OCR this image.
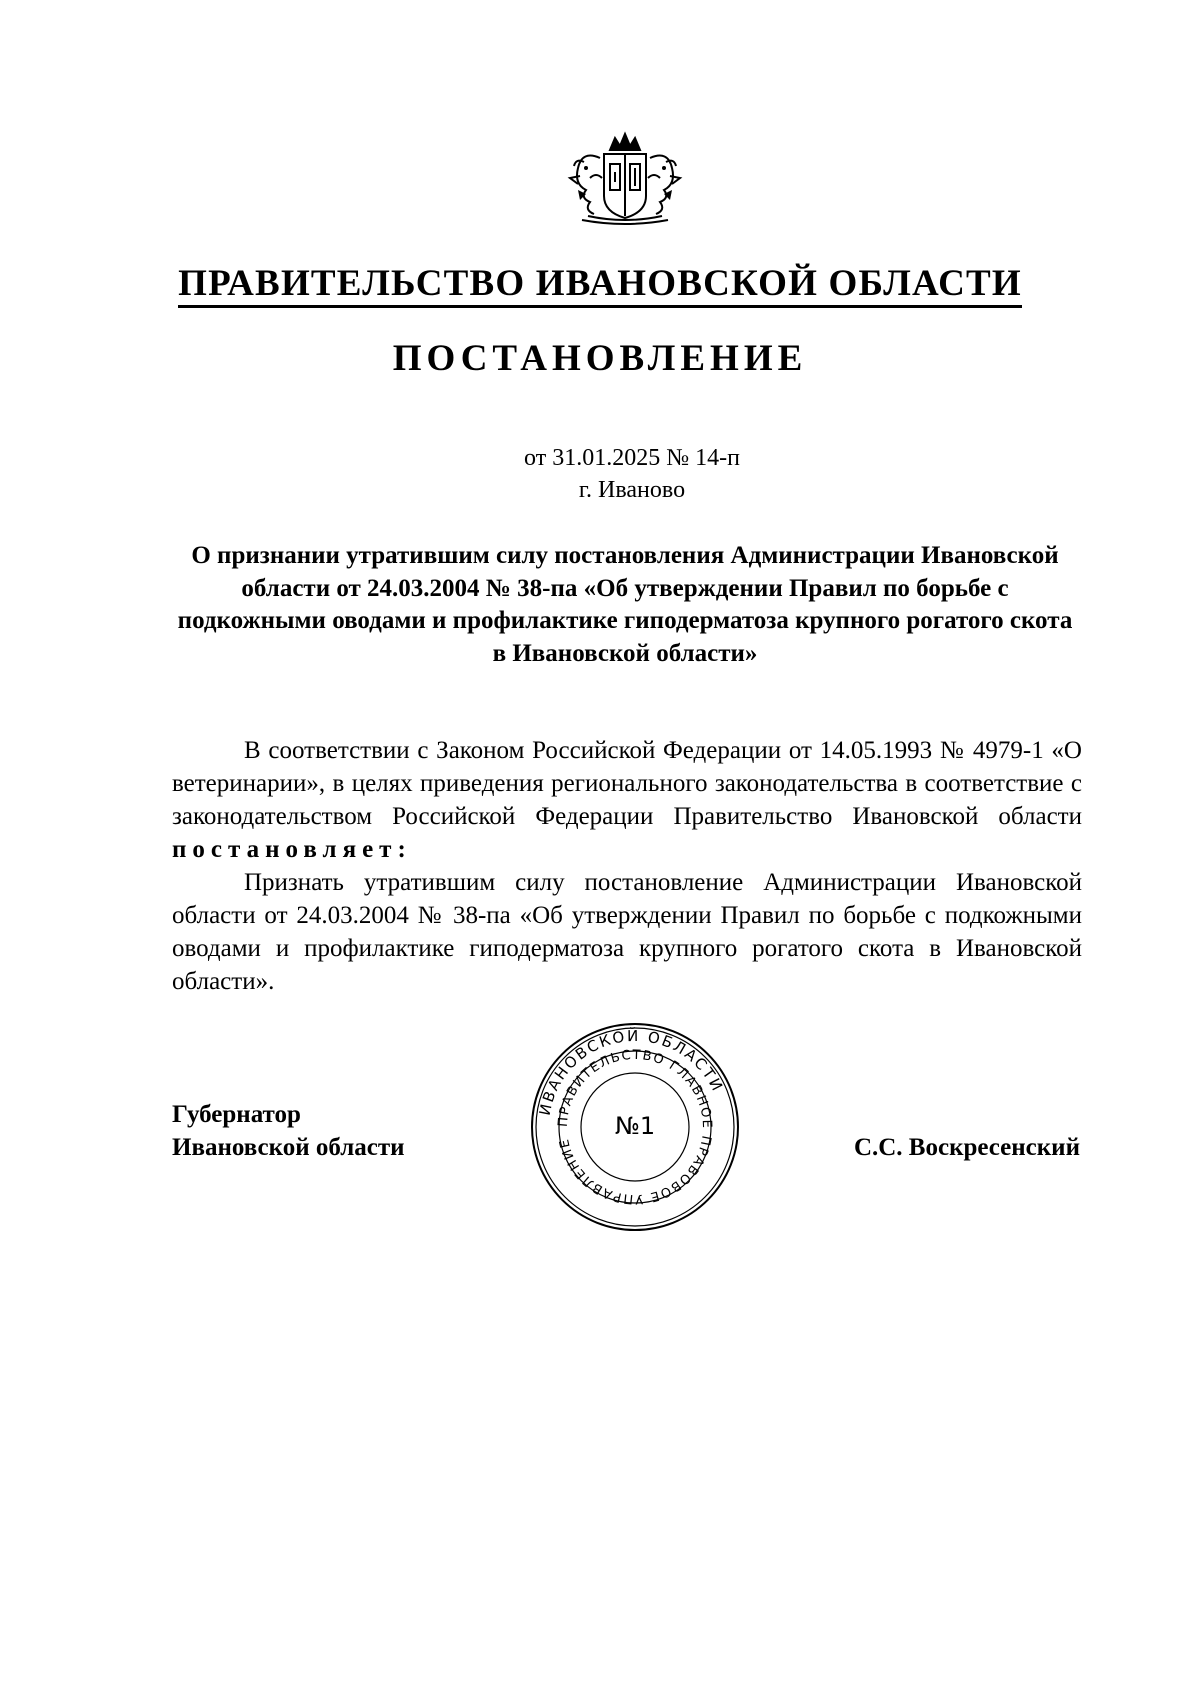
ПРАВИТЕЛЬСТВО ИВАНОВСКОЙ ОБЛАСТИ
ПОСТАНОВЛЕНИЕ
от 31.01.2025 № 14-п
г. Иваново
О признании утратившим силу постановления Администрации Ивановской области от 24.03.2004 № 38-па «Об утверждении Правил по борьбе с подкожными оводами и профилактике гиподерматоза крупного рогатого скота в Ивановской области»

В соответствии с Законом Российской Федерации от 14.05.1993 № 4979-1 «О ветеринарии», в целях приведения регионального законодательства в соответствие с законодательством Российской Федерации Правительство Ивановской области постановляет:

Признать утратившим силу постановление Администрации Ивановской области от 24.03.2004 № 38-па «Об утверждении Правил по борьбе с подкожными оводами и профилактике гиподерматоза крупного рогатого скота в Ивановской области».

Губернатор
Ивановской области	С.С. Воскресенский
ИВАНОВСКОЙ ОБЛАСТИ
ПРАВИТЕЛЬСТВО ГЛАВНОЕ ПРАВОВОЕ УПРАВЛЕНИЕ
№1
